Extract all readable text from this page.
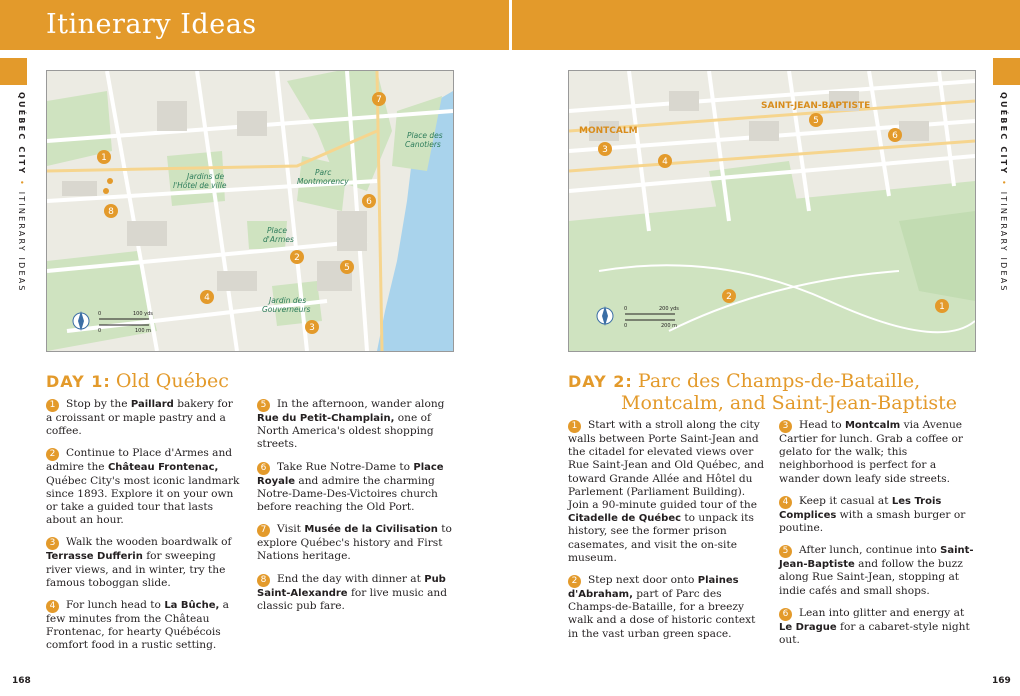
Itinerary Ideas
QUÉBEC CITY • ITINERARY IDEAS
QUÉBEC CITY • ITINERARY IDEAS
Jardins de l'Hôtel de ville
Parc Montmorency
Place d'Armes
Jardin des Gouverneurs
Place des Canotiers
1
8
7
6
2
5
4
3
0
0
100 yds
100 m
SAINT-JEAN-BAPTISTE
MONTCALM
5
6
3
4
2
1
0
0
200 yds
200 m
DAY 1: Old Québec

1 Stop by the Paillard bakery for a croissant or maple pastry and a coffee.

2 Continue to Place d'Armes and admire the Château Frontenac, Québec City's most iconic landmark since 1893. Explore it on your own or take a guided tour that lasts about an hour.

3 Walk the wooden boardwalk of Terrasse Dufferin for sweeping river views, and in winter, try the famous toboggan slide.

4 For lunch head to La Bûche, a few minutes from the Château Frontenac, for hearty Québécois comfort food in a rustic setting.

5 In the afternoon, wander along Rue du Petit-Champlain, one of North America's oldest shopping streets.

6 Take Rue Notre-Dame to Place Royale and admire the charming Notre-Dame-Des-Victoires church before reaching the Old Port.

7 Visit Musée de la Civilisation to explore Québec's history and First Nations heritage.

8 End the day with dinner at Pub Saint-Alexandre for live music and classic pub fare.

DAY 2: Parc des Champs-de-Bataille,
Montcalm, and Saint-Jean-Baptiste

1 Start with a stroll along the city walls between Porte Saint-Jean and the citadel for elevated views over Rue Saint-Jean and Old Québec, and toward Grande Allée and Hôtel du Parlement (Parliament Building). Join a 90-minute guided tour of the Citadelle de Québec to unpack its history, see the former prison casemates, and visit the on-site museum.

2 Step next door onto Plaines d'Abraham, part of Parc des Champs-de-Bataille, for a breezy walk and a dose of historic context in the vast urban green space.

3 Head to Montcalm via Avenue Cartier for lunch. Grab a coffee or gelato for the walk; this neighborhood is perfect for a wander down leafy side streets.

4 Keep it casual at Les Trois Complices with a smash burger or poutine.

5 After lunch, continue into Saint-Jean-Baptiste and follow the buzz along Rue Saint-Jean, stopping at indie cafés and small shops.

6 Lean into glitter and energy at Le Drague for a cabaret-style night out.

168	169
